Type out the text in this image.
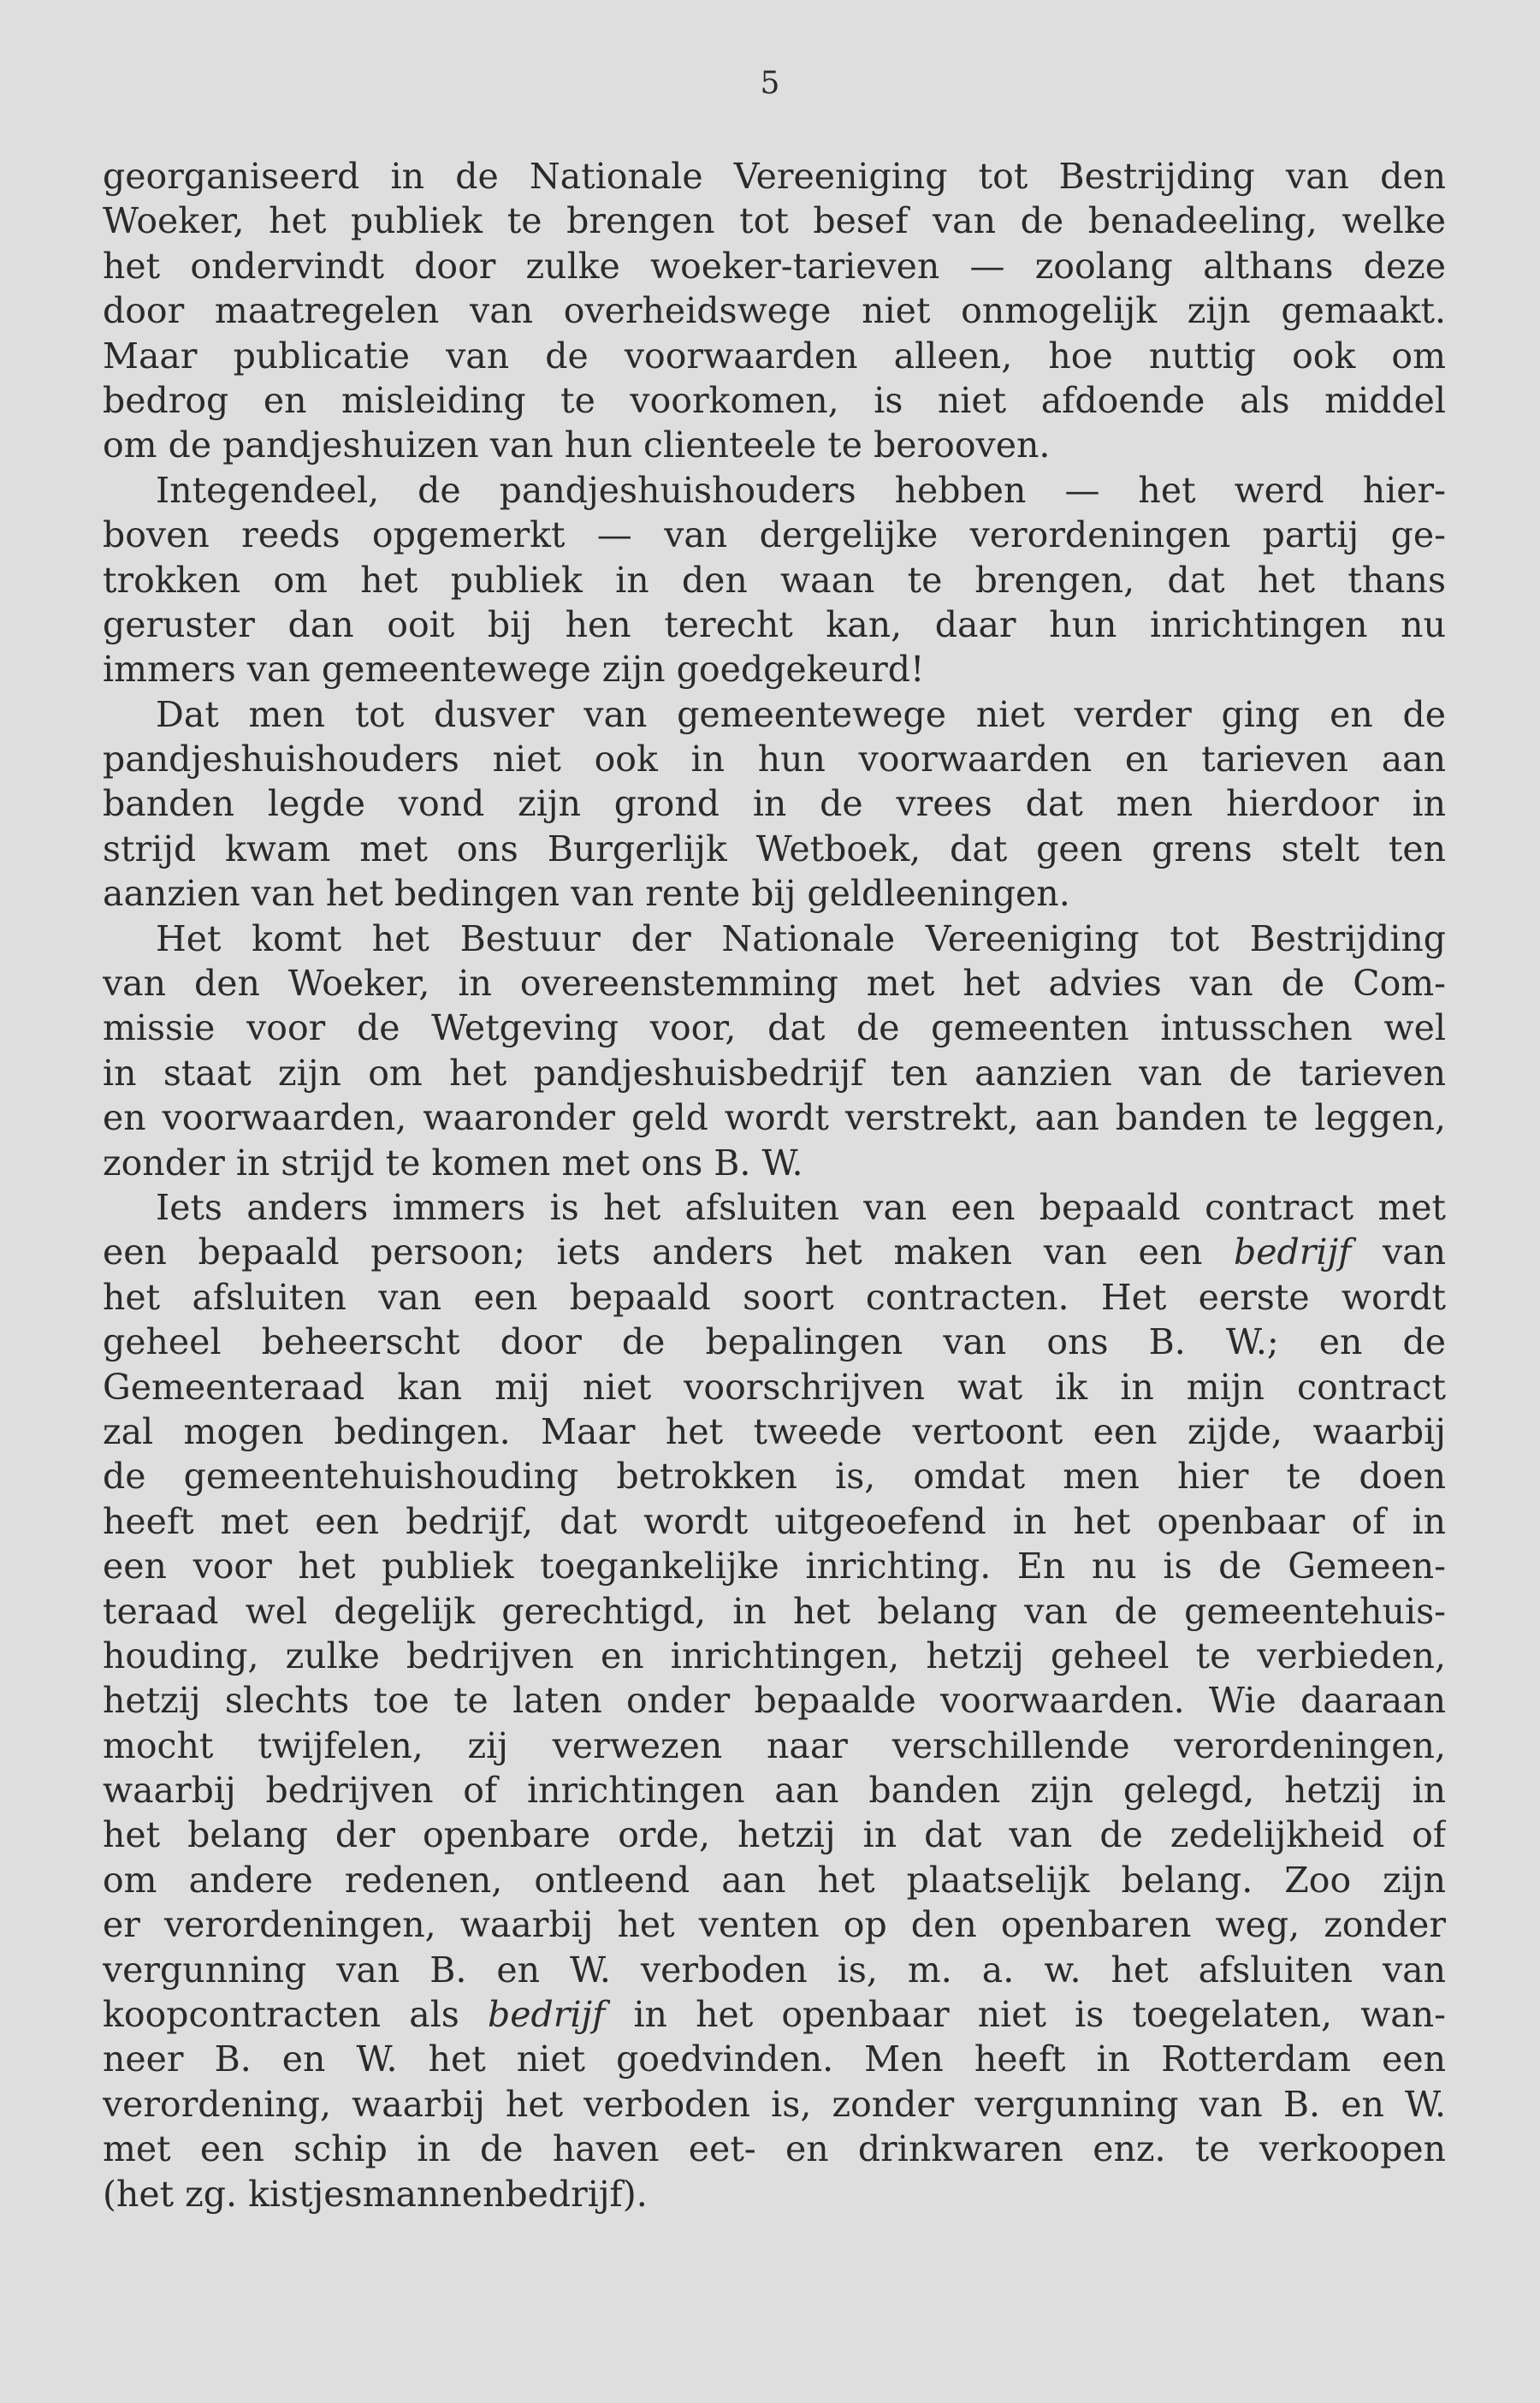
5
georganiseerd in de Nationale Vereeniging tot Bestrijding van den
Woeker, het publiek te brengen tot besef van de benadeeling, welke
het ondervindt door zulke woeker-tarieven — zoolang althans deze
door maatregelen van overheidswege niet onmogelijk zijn gemaakt.
Maar publicatie van de voorwaarden alleen, hoe nuttig ook om
bedrog en misleiding te voorkomen, is niet afdoende als middel
om de pandjeshuizen van hun clienteele te berooven.
Integendeel, de pandjeshuishouders hebben — het werd hier-
boven reeds opgemerkt — van dergelijke verordeningen partij ge-
trokken om het publiek in den waan te brengen, dat het thans
geruster dan ooit bij hen terecht kan, daar hun inrichtingen nu
immers van gemeentewege zijn goedgekeurd!
Dat men tot dusver van gemeentewege niet verder ging en de
pandjeshuishouders niet ook in hun voorwaarden en tarieven aan
banden legde vond zijn grond in de vrees dat men hierdoor in
strijd kwam met ons Burgerlijk Wetboek, dat geen grens stelt ten
aanzien van het bedingen van rente bij geldleeningen.
Het komt het Bestuur der Nationale Vereeniging tot Bestrijding
van den Woeker, in overeenstemming met het advies van de Com-
missie voor de Wetgeving voor, dat de gemeenten intusschen wel
in staat zijn om het pandjeshuisbedrijf ten aanzien van de tarieven
en voorwaarden, waaronder geld wordt verstrekt, aan banden te leggen,
zonder in strijd te komen met ons B. W.
Iets anders immers is het afsluiten van een bepaald contract met
een bepaald persoon; iets anders het maken van een bedrijf van
het afsluiten van een bepaald soort contracten. Het eerste wordt
geheel beheerscht door de bepalingen van ons B. W.; en de
Gemeenteraad kan mij niet voorschrijven wat ik in mijn contract
zal mogen bedingen. Maar het tweede vertoont een zijde, waarbij
de gemeentehuishouding betrokken is, omdat men hier te doen
heeft met een bedrijf, dat wordt uitgeoefend in het openbaar of in
een voor het publiek toegankelijke inrichting. En nu is de Gemeen-
teraad wel degelijk gerechtigd, in het belang van de gemeentehuis-
houding, zulke bedrijven en inrichtingen, hetzij geheel te verbieden,
hetzij slechts toe te laten onder bepaalde voorwaarden. Wie daaraan
mocht twijfelen, zij verwezen naar verschillende verordeningen,
waarbij bedrijven of inrichtingen aan banden zijn gelegd, hetzij in
het belang der openbare orde, hetzij in dat van de zedelijkheid of
om andere redenen, ontleend aan het plaatselijk belang. Zoo zijn
er verordeningen, waarbij het venten op den openbaren weg, zonder
vergunning van B. en W. verboden is, m. a. w. het afsluiten van
koopcontracten als bedrijf in het openbaar niet is toegelaten, wan-
neer B. en W. het niet goedvinden. Men heeft in Rotterdam een
verordening, waarbij het verboden is, zonder vergunning van B. en W.
met een schip in de haven eet- en drinkwaren enz. te verkoopen
(het zg. kistjesmannenbedrijf).
